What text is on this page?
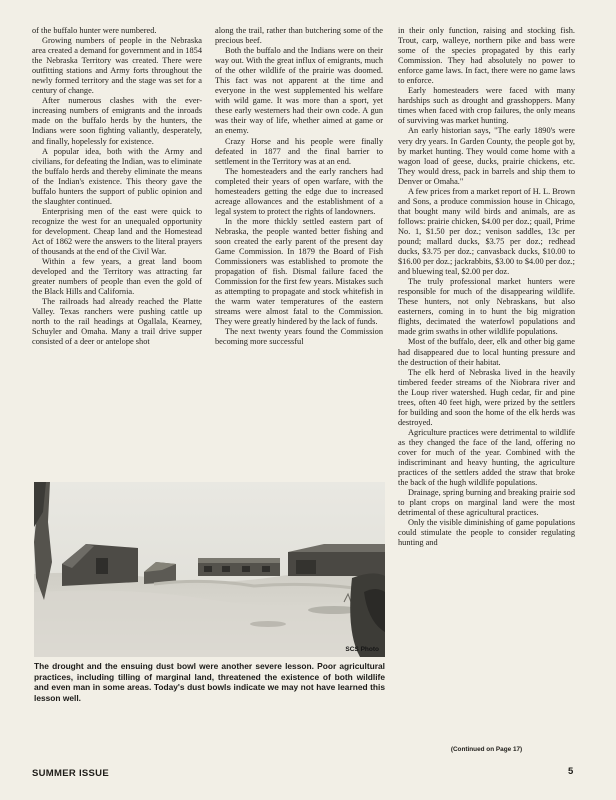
of the buffalo hunter were numbered.

Growing numbers of people in the Nebraska area created a demand for government and in 1854 the Nebraska Territory was created. There were outfitting stations and Army forts throughout the newly formed territory and the stage was set for a century of change.

After numerous clashes with the ever-increasing numbers of emigrants and the inroads made on the buffalo herds by the hunters, the Indians were soon fighting valiantly, desperately, and finally, hopelessly for existence.

A popular idea, both with the Army and civilians, for defeating the Indian, was to eliminate the buffalo herds and thereby eliminate the means of the Indian's existence. This theory gave the buffalo hunters the support of public opinion and the slaughter continued.

Enterprising men of the east were quick to recognize the west for an unequaled opportunity for development. Cheap land and the Homestead Act of 1862 were the answers to the literal prayers of thousands at the end of the Civil War.

Within a few years, a great land boom developed and the Territory was attracting far greater numbers of people than even the gold of the Black Hills and California.

The railroads had already reached the Platte Valley. Texas ranchers were pushing cattle up north to the rail headings at Ogallala, Kearney, Schuyler and Omaha. Many a trail drive supper consisted of a deer or antelope shot

along the trail, rather than butchering some of the precious beef.

Both the buffalo and the Indians were on their way out. With the great influx of emigrants, much of the other wildlife of the prairie was doomed. This fact was not apparent at the time and everyone in the west supplemented his welfare with wild game. It was more than a sport, yet these early westerners had their own code. A gun was their way of life, whether aimed at game or an enemy.

Crazy Horse and his people were finally defeated in 1877 and the final barrier to settlement in the Territory was at an end.

The homesteaders and the early ranchers had completed their years of open warfare, with the homesteaders getting the edge due to increased acreage allowances and the establishment of a legal system to protect the rights of landowners.

In the more thickly settled eastern part of Nebraska, the people wanted better fishing and soon created the early parent of the present day Game Commission. In 1879 the Board of Fish Commissioners was established to promote the propagation of fish. Dismal failure faced the Commission for the first few years. Mistakes such as attempting to propagate and stock whitefish in the warm water temperatures of the eastern streams were almost fatal to the Commission. They were greatly hindered by the lack of funds.

The next twenty years found the Commission becoming more successful

in their only function, raising and stocking fish. Trout, carp, walleye, northern pike and bass were some of the species propagated by this early Commission. They had absolutely no power to enforce game laws. In fact, there were no game laws to enforce.

Early homesteaders were faced with many hardships such as drought and grasshoppers. Many times when faced with crop failures, the only means of surviving was market hunting.

An early historian says, "The early 1890's were very dry years. In Garden County, the people got by, by market hunting. They would come home with a wagon load of geese, ducks, prairie chickens, etc. They would dress, pack in barrels and ship them to Denver or Omaha."

A few prices from a market report of H. L. Brown and Sons, a produce commission house in Chicago, that bought many wild birds and animals, are as follows: prairie chicken, $4.00 per doz.; quail, Prime No. 1, $1.50 per doz.; venison saddles, 13c per pound; mallard ducks, $3.75 per doz.; redhead ducks, $3.75 per doz.; canvasback ducks, $10.00 to $16.00 per doz.; jackrabbits, $3.00 to $4.00 per doz.; and bluewing teal, $2.00 per doz.

The truly professional market hunters were responsible for much of the disappearing wildlife. These hunters, not only Nebraskans, but also easterners, coming in to hunt the big migration flights, decimated the waterfowl populations and made grim swaths in other wildlife populations.

Most of the buffalo, deer, elk and other big game had disappeared due to local hunting pressure and the destruction of their habitat.

The elk herd of Nebraska lived in the heavily timbered feeder streams of the Niobrara river and the Loup river watershed. Hugh cedar, fir and pine trees, often 40 feet high, were prized by the settlers for building and soon the home of the elk herds was destroyed.

Agriculture practices were detrimental to wildlife as they changed the face of the land, offering no cover for much of the year. Combined with the indiscriminant and heavy hunting, the agriculture practices of the settlers added the straw that broke the back of the hugh wildlife populations.

Drainage, spring burning and breaking prairie sod to plant crops on marginal land were the most detrimental of these agricultural practices.

Only the visible diminishing of game populations could stimulate the people to consider regulating hunting and

SCS Photo
The drought and the ensuing dust bowl were another severe lesson. Poor agricultural practices, including tilling of marginal land, threatened the existence of both wildlife and even man in some areas. Today's dust bowls indicate we may not have learned this lesson well.
(Continued on Page 17)
SUMMER ISSUE	5
